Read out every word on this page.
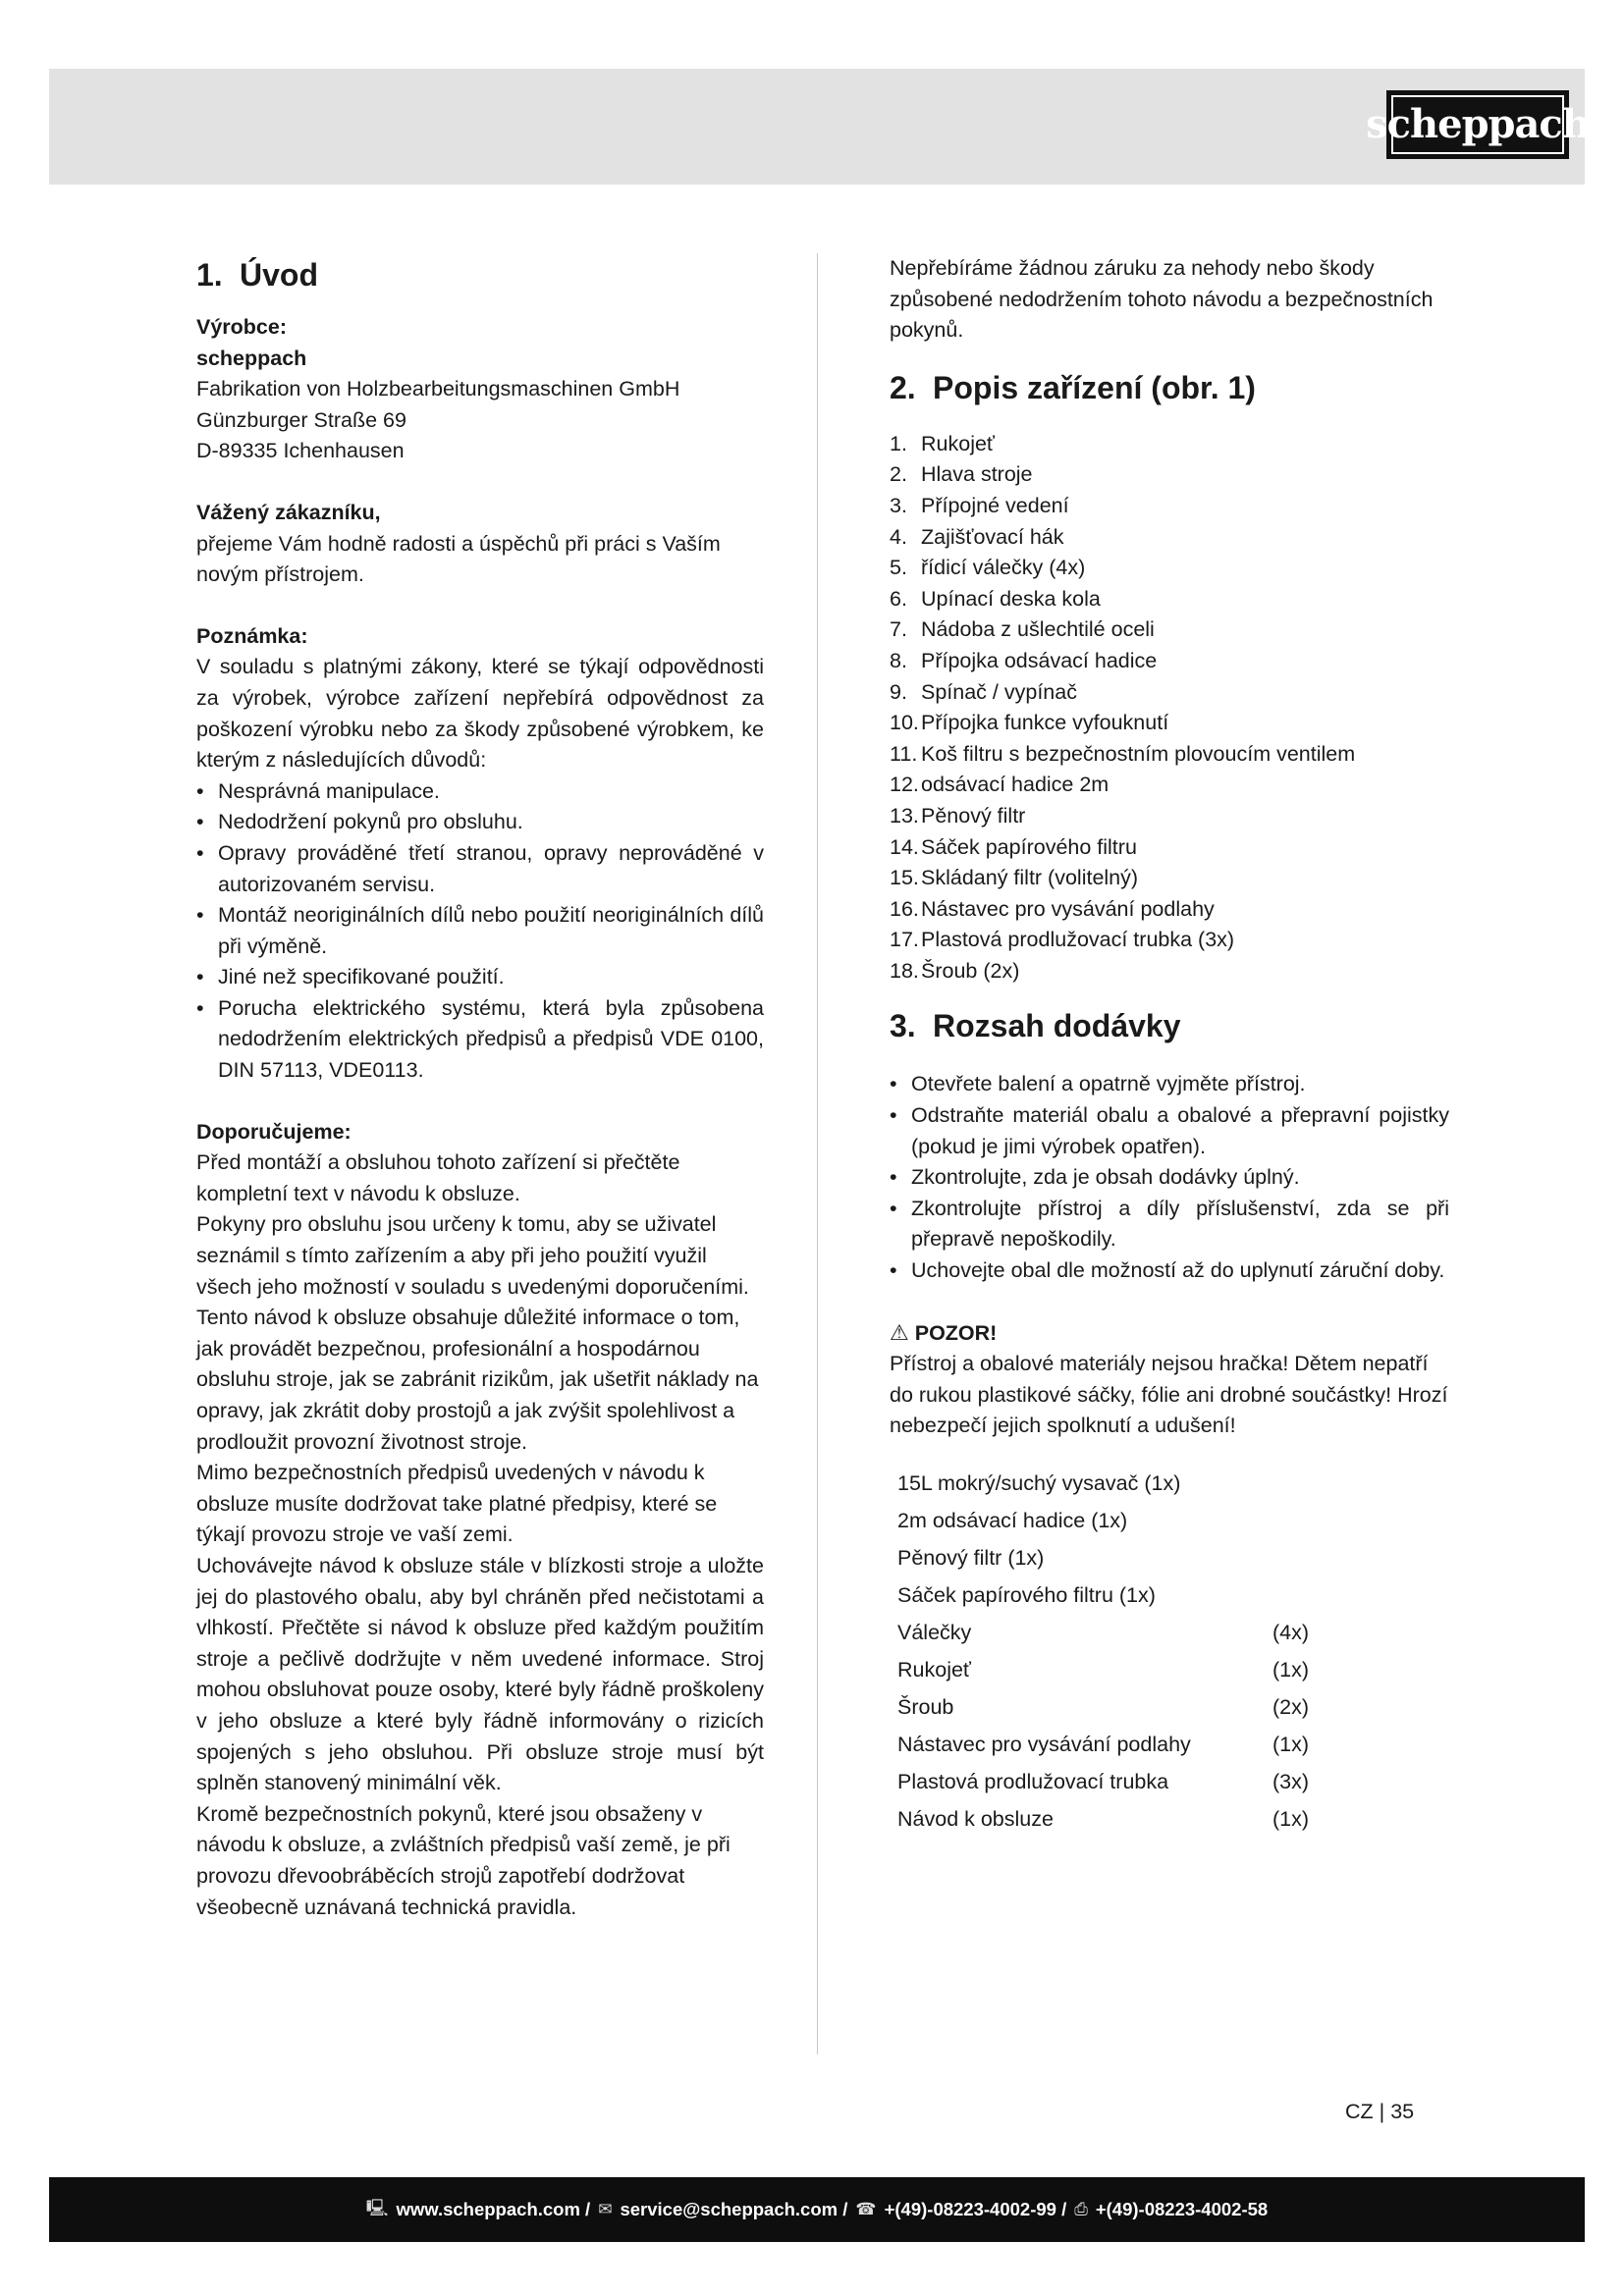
scheppach
1. Úvod

Výrobce:

scheppach

Fabrikation von Holzbearbeitungsmaschinen GmbH

Günzburger Straße 69

D-89335 Ichenhausen

Vážený zákazníku,

přejeme Vám hodně radosti a úspěchů při práci s Vaším novým přístrojem.

Poznámka:

V souladu s platnými zákony, které se týkají odpovědnosti za výrobek, výrobce zařízení nepřebírá odpovědnost za poškození výrobku nebo za škody způsobené výrobkem, ke kterým z následujících důvodů:

• Nesprávná manipulace.
• Nedodržení pokynů pro obsluhu.
• Opravy prováděné třetí stranou, opravy neprováděné v autorizovaném servisu.
• Montáž neoriginálních dílů nebo použití neoriginálních dílů při výměně.
• Jiné než specifikované použití.
• Porucha elektrického systému, která byla způsobena nedodržením elektrických předpisů a předpisů VDE 0100, DIN 57113, VDE0113.

Doporučujeme:

Před montáží a obsluhou tohoto zařízení si přečtěte kompletní text v návodu k obsluze.

Pokyny pro obsluhu jsou určeny k tomu, aby se uživatel seznámil s tímto zařízením a aby při jeho použití využil všech jeho možností v souladu s uvedenými doporučeními.

Tento návod k obsluze obsahuje důležité informace o tom, jak provádět bezpečnou, profesionální a hospodárnou obsluhu stroje, jak se zabránit rizikům, jak ušetřit náklady na opravy, jak zkrátit doby prostojů a jak zvýšit spolehlivost a prodloužit provozní životnost stroje.

Mimo bezpečnostních předpisů uvedených v návodu k obsluze musíte dodržovat take platné předpisy, které se týkají provozu stroje ve vaší zemi.

Uchovávejte návod k obsluze stále v blízkosti stroje a uložte jej do plastového obalu, aby byl chráněn před nečistotami a vlhkostí. Přečtěte si návod k obsluze před každým použitím stroje a pečlivě dodržujte v něm uvedené informace. Stroj mohou obsluhovat pouze osoby, které byly řádně proškoleny v jeho obsluze a které byly řádně informovány o rizicích spojených s jeho obsluhou. Při obsluze stroje musí být splněn stanovený minimální věk.

Kromě bezpečnostních pokynů, které jsou obsaženy v návodu k obsluze, a zvláštních předpisů vaší země, je při provozu dřevoobráběcích strojů zapotřebí dodržovat všeobecně uznávaná technická pravidla.

Nepřebíráme žádnou záruku za nehody nebo škody způsobené nedodržením tohoto návodu a bezpečnostních pokynů.

2. Popis zařízení (obr. 1)
1. Rukojeť
2. Hlava stroje
3. Přípojné vedení
4. Zajišťovací hák
5. řídicí válečky (4x)
6. Upínací deska kola
7. Nádoba z ušlechtilé oceli
8. Přípojka odsávací hadice
9. Spínač / vypínač
10. Přípojka funkce vyfouknutí
11. Koš filtru s bezpečnostním plovoucím ventilem
12. odsávací hadice 2m
13. Pěnový filtr
14. Sáček papírového filtru
15. Skládaný filtr (volitelný)
16. Nástavec pro vysávání podlahy
17. Plastová prodlužovací trubka (3x)
18. Šroub (2x)
3. Rozsah dodávky
• Otevřete balení a opatrně vyjměte přístroj.
• Odstraňte materiál obalu a obalové a přepravní pojistky (pokud je jimi výrobek opatřen).
• Zkontrolujte, zda je obsah dodávky úplný.
• Zkontrolujte přístroj a díly příslušenství, zda se při přepravě nepoškodily.
• Uchovejte obal dle možností až do uplynutí záruční doby.
⚠ POZOR!

Přístroj a obalové materiály nejsou hračka! Dětem nepatří do rukou plastikové sáčky, fólie ani drobné součástky! Hrozí nebezpečí jejich spolknutí a udušení!

15L mokrý/suchý vysavač (1x)	
2m odsávací hadice (1x)	
Pěnový filtr (1x)	
Sáček papírového filtru (1x)	
Válečky	(4x)
Rukojeť	(1x)
Šroub	(2x)
Nástavec pro vysávání podlahy	(1x)
Plastová prodlužovací trubka	(3x)
Návod k obsluze	(1x)
CZ | 35
🖳 www.scheppach.com / ✉ service@scheppach.com / ☎ +(49)-08223-4002-99 / ⎙ +(49)-08223-4002-58
